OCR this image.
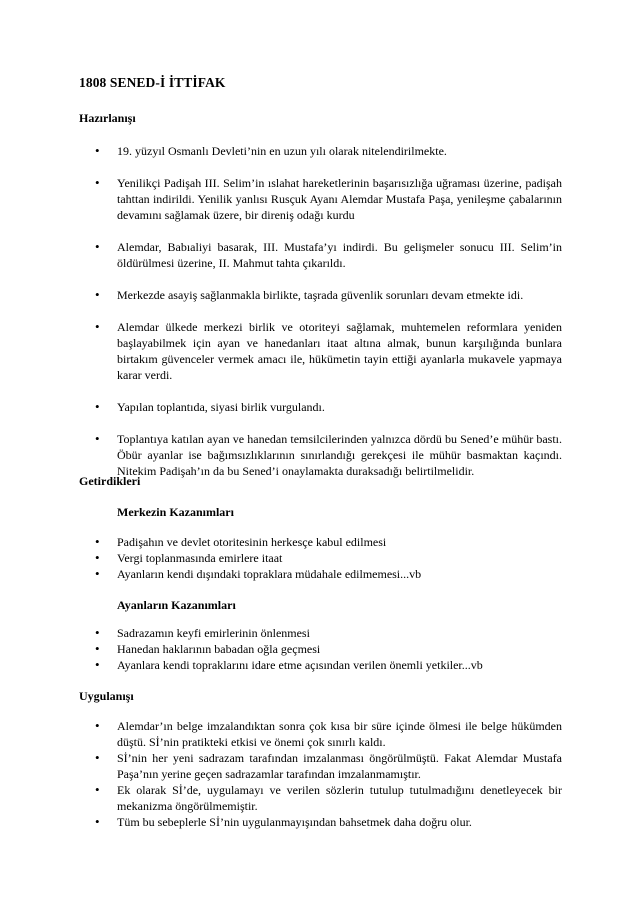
1808 SENED-İ İTTİFAK
Hazırlanışı
• 19. yüzyıl Osmanlı Devleti’nin en uzun yılı olarak nitelendirilmekte.
• Yenilikçi Padişah III. Selim’in ıslahat hareketlerinin başarısızlığa uğraması üzerine, padişah tahttan indirildi. Yenilik yanlısı Rusçuk Ayanı Alemdar Mustafa Paşa, yenileşme çabalarının devamını sağlamak üzere, bir direniş odağı kurdu
• Alemdar, Babıaliyi basarak, III. Mustafa’yı indirdi. Bu gelişmeler sonucu III. Selim’in öldürülmesi üzerine, II. Mahmut tahta çıkarıldı.
• Merkezde asayiş sağlanmakla birlikte, taşrada güvenlik sorunları devam etmekte idi.
• Alemdar ülkede merkezi birlik ve otoriteyi sağlamak, muhtemelen reformlara yeniden başlayabilmek için ayan ve hanedanları itaat altına almak, bunun karşılığında bunlara birtakım güvenceler vermek amacı ile, hükümetin tayin ettiği ayanlarla mukavele yapmaya karar verdi.
• Yapılan toplantıda, siyasi birlik vurgulandı.
• Toplantıya katılan ayan ve hanedan temsilcilerinden yalnızca dördü bu Sened’e mühür bastı. Öbür ayanlar ise bağımsızlıklarının sınırlandığı gerekçesi ile mühür basmaktan kaçındı. Nitekim Padişah’ın da bu Sened’i onaylamakta duraksadığı belirtilmelidir.
Getirdikleri
Merkezin Kazanımları
• Padişahın ve devlet otoritesinin herkesçe kabul edilmesi
• Vergi toplanmasında emirlere itaat
• Ayanların kendi dışındaki topraklara müdahale edilmemesi...vb
Ayanların Kazanımları
• Sadrazamın keyfi emirlerinin önlenmesi
• Hanedan haklarının babadan oğla geçmesi
• Ayanlara kendi topraklarını idare etme açısından verilen önemli yetkiler...vb
Uygulanışı
• Alemdar’ın belge imzalandıktan sonra çok kısa bir süre içinde ölmesi ile belge hükümden düştü. Sİ’nin pratikteki etkisi ve önemi çok sınırlı kaldı.
• Sİ’nin her yeni sadrazam tarafından imzalanması öngörülmüştü. Fakat Alemdar Mustafa Paşa’nın yerine geçen sadrazamlar tarafından imzalanmamıştır.
• Ek olarak Sİ’de, uygulamayı ve verilen sözlerin tutulup tutulmadığını denetleyecek bir mekanizma öngörülmemiştir.
• Tüm bu sebeplerle Sİ’nin uygulanmayışından bahsetmek daha doğru olur.
